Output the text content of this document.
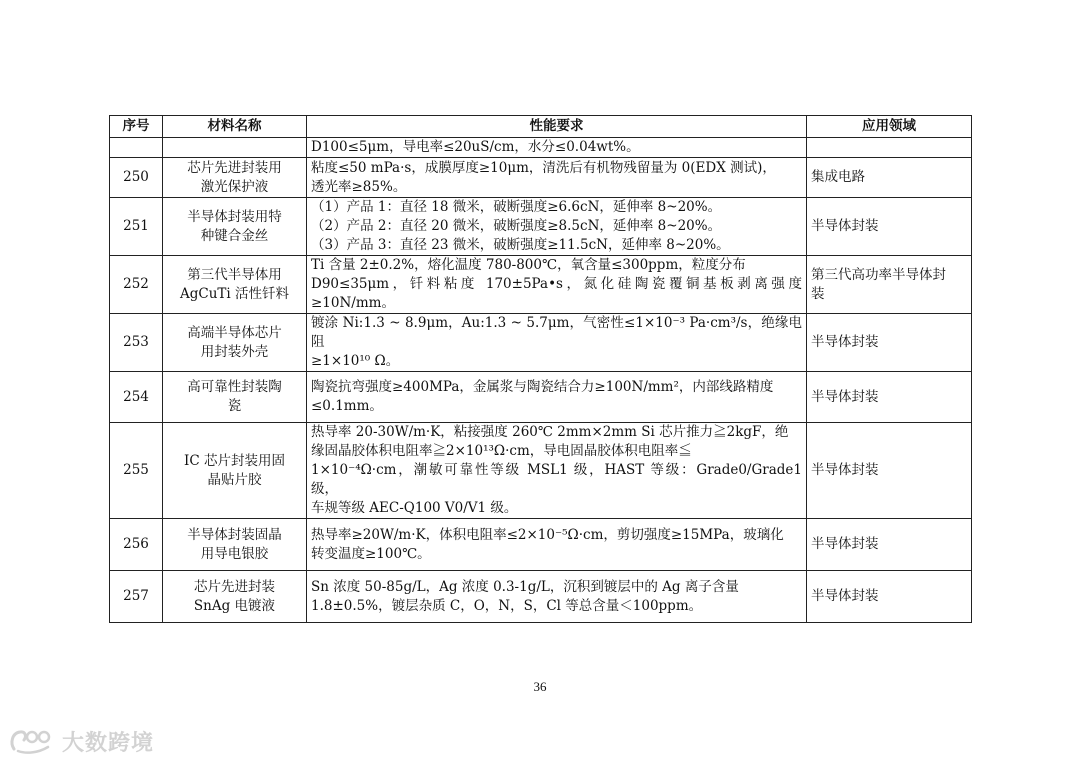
序号	材料名称	性能要求	应用领域

		D100≤5μm，导电率≤20uS/cm，水分≤0.04wt%。	

250	芯片先进封装用
激光保护液	粘度≤50 mPa·s，成膜厚度≥10μm，清洗后有机物残留量为 0(EDX 测试)，
透光率≥85%。	集成电路

251	半导体封装用特
种键合金丝	（1）产品 1：直径 18 微米，破断强度≥6.6cN，延伸率 8~20%。
（2）产品 2：直径 20 微米，破断强度≥8.5cN，延伸率 8~20%。
（3）产品 3：直径 23 微米，破断强度≥11.5cN，延伸率 8~20%。	半导体封装

252	第三代半导体用
AgCuTi 活性钎料	Ti 含量 2±0.2%，熔化温度 780-800℃，氧含量≤300ppm，粒度分布
D90≤35μm，钎料粘度 170±5Pa•s，氮化硅陶瓷覆铜基板剥离强度≥10N/mm。	第三代高功率半导体封
装

253	高端半导体芯片
用封装外壳	镀涂 Ni:1.3 ~ 8.9μm，Au:1.3 ~ 5.7μm，气密性≤1×10⁻³ Pa·cm³/s，绝缘电阻
≥1×10¹⁰ Ω。	半导体封装

254	高可靠性封装陶
瓷	陶瓷抗弯强度≥400MPa，金属浆与陶瓷结合力≥100N/mm²，内部线路精度
≤0.1mm。	半导体封装

255	IC 芯片封装用固
晶贴片胶	热导率 20-30W/m·K，粘接强度 260℃ 2mm×2mm Si 芯片推力≧2kgF，绝
缘固晶胶体积电阻率≧2×10¹³Ω·cm，导电固晶胶体积电阻率≦
1×10⁻⁴Ω·cm，潮敏可靠性等级 MSL1 级，HAST 等级：Grade0/Grade1 级，
车规等级 AEC-Q100 V0/V1 级。	半导体封装

256	半导体封装固晶
用导电银胶	热导率≥20W/m·K，体积电阻率≤2×10⁻⁵Ω·cm，剪切强度≥15MPa，玻璃化
转变温度≥100℃。	半导体封装

257	芯片先进封装
SnAg 电镀液	Sn 浓度 50-85g/L，Ag 浓度 0.3-1g/L，沉积到镀层中的 Ag 离子含量
1.8±0.5%，镀层杂质 C，O，N，S，Cl 等总含量＜100ppm。	半导体封装
36
大数跨境
